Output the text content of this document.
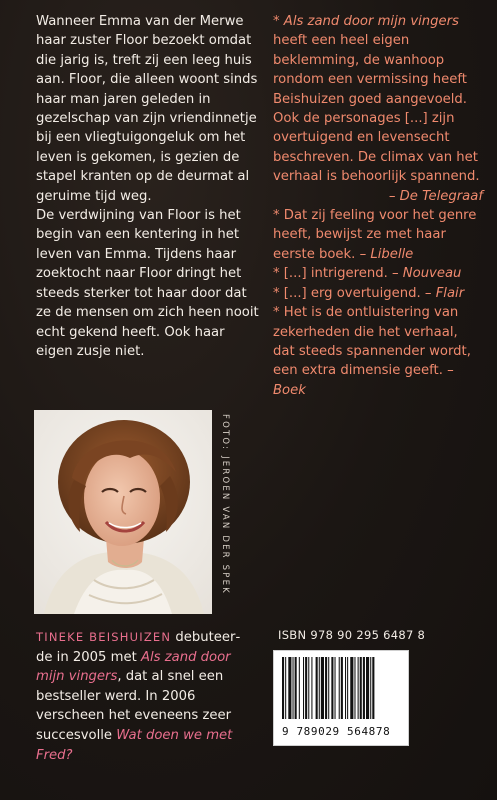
Wanneer Emma van der Merwe haar zuster Floor bezoekt omdat die jarig is, treft zij een leeg huis aan. Floor, die alleen woont sinds haar man jaren geleden in gezelschap van zijn vriendinnetje bij een vliegtuigongeluk om het leven is gekomen, is gezien de stapel kranten op de deurmat al geruime tijd weg.

De verdwijning van Floor is het begin van een kentering in het leven van Emma. Tijdens haar zoektocht naar Floor dringt het steeds sterker tot haar door dat ze de mensen om zich heen nooit echt gekend heeft. Ook haar eigen zusje niet.

* Als zand door mijn vingers heeft een heel eigen beklemming, de wanhoop rondom een vermissing heeft Beishuizen goed aangevoeld. Ook de personages [...] zijn overtuigend en levensecht beschreven. De climax van het verhaal is behoorlijk spannend.
– De Telegraaf

* Dat zij feeling voor het genre heeft, bewijst ze met haar eerste boek. – Libelle

* [...] intrigerend. – Nouveau

* [...] erg overtuigend. – Flair

* Het is de ontluistering van zekerheden die het verhaal, dat steeds spannender wordt, een extra dimensie geeft. – Boek

FOTO: JEROEN VAN DER SPEK
TINEKE BEISHUIZEN debuteerde in 2005 met Als zand door mijn vingers, dat al snel een bestseller werd. In 2006 verscheen het eveneens zeer succesvolle Wat doen we met Fred?
ISBN 978 90 295 6487 8
9 789029 564878
